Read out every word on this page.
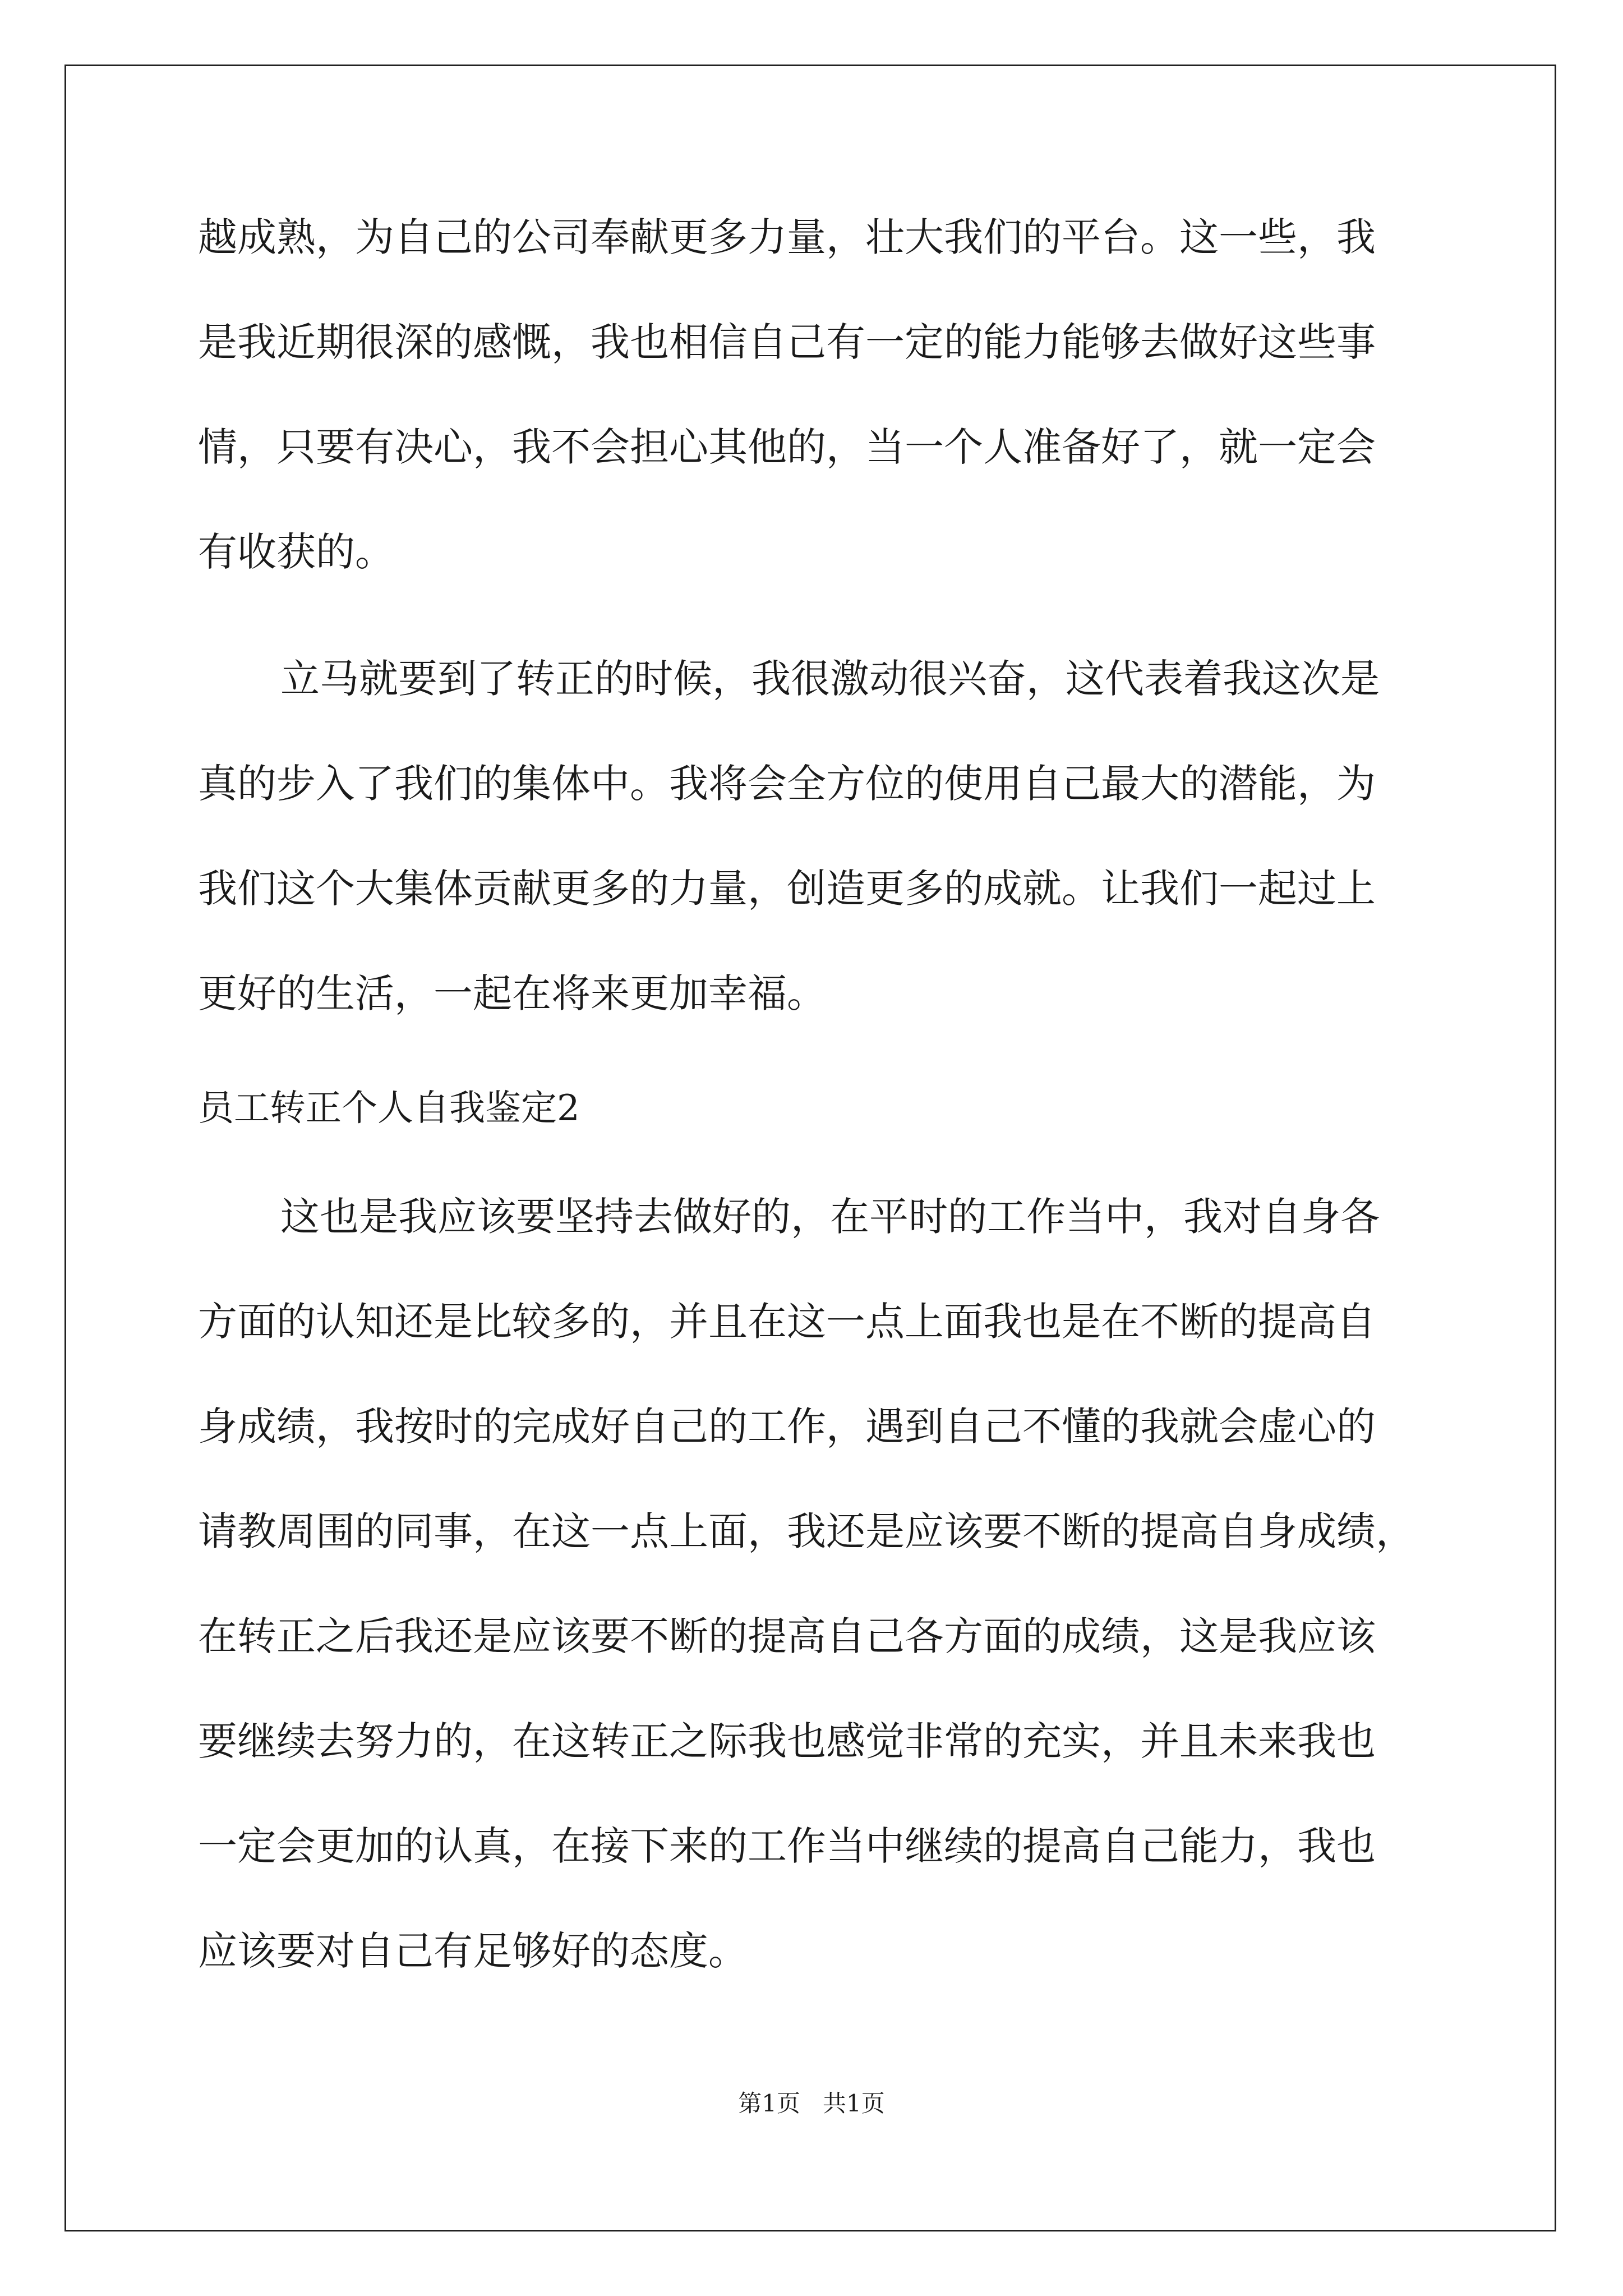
越成熟，为自己的公司奉献更多力量，壮大我们的平台。这一些，我
是我近期很深的感慨，我也相信自己有一定的能力能够去做好这些事
情，只要有决心，我不会担心其他的，当一个人准备好了，就一定会
有收获的。
立马就要到了转正的时候，我很激动很兴奋，这代表着我这次是
真的步入了我们的集体中。我将会全方位的使用自己最大的潜能，为
我们这个大集体贡献更多的力量，创造更多的成就。让我们一起过上
更好的生活，一起在将来更加幸福。
员工转正个人自我鉴定2
这也是我应该要坚持去做好的，在平时的工作当中，我对自身各
方面的认知还是比较多的，并且在这一点上面我也是在不断的提高自
身成绩，我按时的完成好自己的工作，遇到自己不懂的我就会虚心的
请教周围的同事，在这一点上面，我还是应该要不断的提高自身成绩，
在转正之后我还是应该要不断的提高自己各方面的成绩，这是我应该
要继续去努力的，在这转正之际我也感觉非常的充实，并且未来我也
一定会更加的认真，在接下来的工作当中继续的提高自己能力，我也
应该要对自己有足够好的态度。
第1页   共1页
